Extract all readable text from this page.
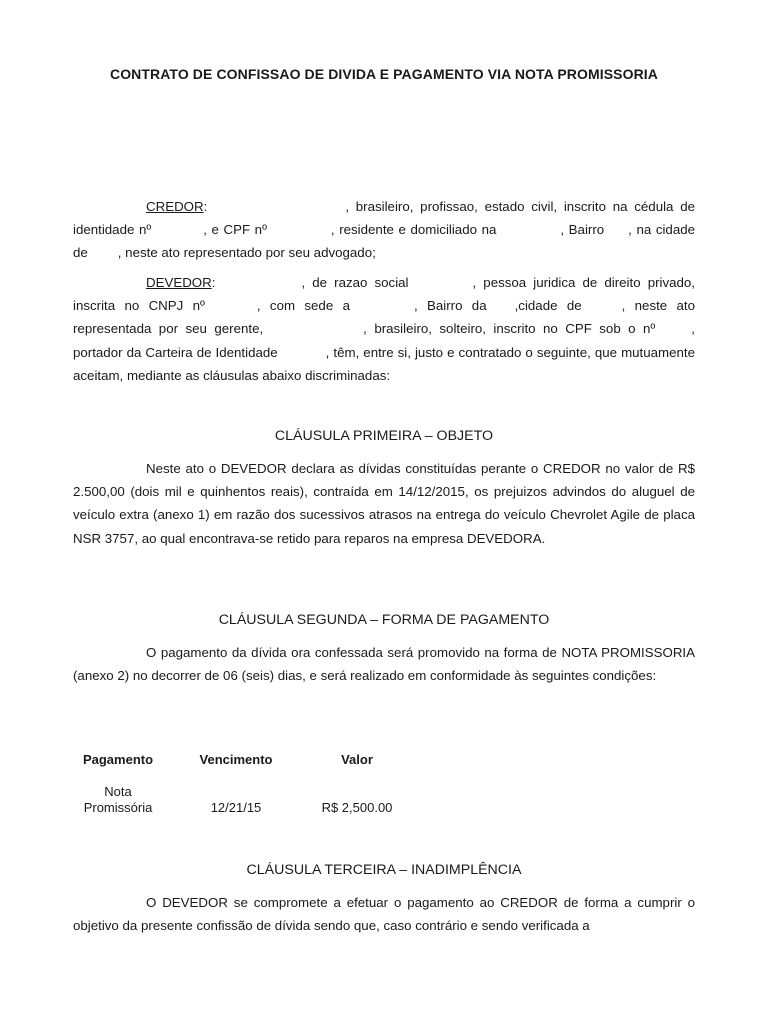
CONTRATO DE CONFISSAO DE DIVIDA E PAGAMENTO VIA NOTA PROMISSORIA

CREDOR:	, brasileiro, profissao, estado civil, inscrito na cédula de identidade nº	, e CPF nº	, residente e domiciliado na	, Bairro , na cidade de , neste ato representado por seu advogado;

DEVEDOR:	, de razao social	, pessoa juridica de direito privado, inscrita no CNPJ nº	, com sede a	, Bairro da ,cidade de	, neste ato representada por seu gerente,	, brasileiro, solteiro, inscrito no CPF sob o nº	, portador da Carteira de Identidade	, têm, entre si, justo e contratado o seguinte, que mutuamente aceitam, mediante as cláusulas abaixo discriminadas:

CLÁUSULA PRIMEIRA – OBJETO

Neste ato o DEVEDOR declara as dívidas constituídas perante o CREDOR no valor de R$ 2.500,00 (dois mil e quinhentos reais), contraída em 14/12/2015, os prejuizos advindos do aluguel de veículo extra (anexo 1) em razão dos sucessivos atrasos na entrega do veículo Chevrolet Agile de placa NSR 3757, ao qual encontrava-se retido para reparos na empresa DEVEDORA.

CLÁUSULA SEGUNDA – FORMA DE PAGAMENTO

O pagamento da dívida ora confessada será promovido na forma de NOTA PROMISSORIA (anexo 2) no decorrer de 06 (seis) dias, e será realizado em conformidade às seguintes condições:

Pagamento	Vencimento	Valor
Nota
Promissória	12/21/15	R$ 2,500.00
CLÁUSULA TERCEIRA – INADIMPLÊNCIA

O DEVEDOR se compromete a efetuar o pagamento ao CREDOR de forma a cumprir o objetivo da presente confissão de dívida sendo que, caso contrário e sendo verificada a
